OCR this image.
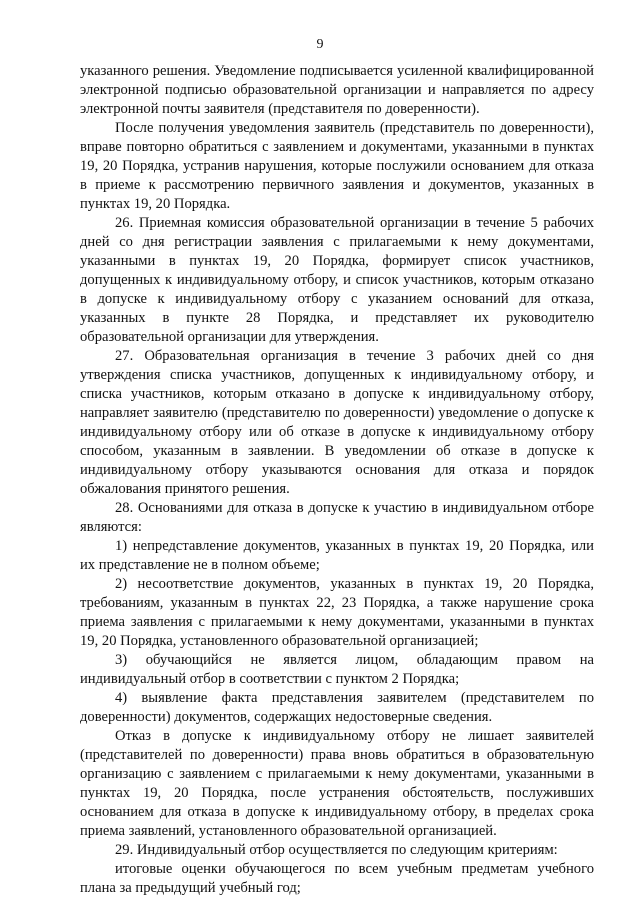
9

указанного решения. Уведомление подписывается усиленной квалифицированной электронной подписью образовательной организации и направляется по адресу электронной почты заявителя (представителя по доверенности).

После получения уведомления заявитель (представитель по доверенности), вправе повторно обратиться с заявлением и документами, указанными в пунктах 19, 20 Порядка, устранив нарушения, которые послужили основанием для отказа в приеме к рассмотрению первичного заявления и документов, указанных в пунктах 19, 20 Порядка.

26. Приемная комиссия образовательной организации в течение 5 рабочих дней со дня регистрации заявления с прилагаемыми к нему документами, указанными в пунктах 19, 20 Порядка, формирует список участников, допущенных к индивидуальному отбору, и список участников, которым отказано в допуске к индивидуальному отбору с указанием оснований для отказа, указанных в пункте 28 Порядка, и представляет их руководителю образовательной организации для утверждения.

27. Образовательная организация в течение 3 рабочих дней со дня утверждения списка участников, допущенных к индивидуальному отбору, и списка участников, которым отказано в допуске к индивидуальному отбору, направляет заявителю (представителю по доверенности) уведомление о допуске к индивидуальному отбору или об отказе в допуске к индивидуальному отбору способом, указанным в заявлении. В уведомлении об отказе в допуске к индивидуальному отбору указываются основания для отказа и порядок обжалования принятого решения.

28. Основаниями для отказа в допуске к участию в индивидуальном отборе являются:

1) непредставление документов, указанных в пунктах 19, 20 Порядка, или их представление не в полном объеме;

2) несоответствие документов, указанных в пунктах 19, 20 Порядка, требованиям, указанным в пунктах 22, 23 Порядка, а также нарушение срока приема заявления с прилагаемыми к нему документами, указанными в пунктах 19, 20 Порядка, установленного образовательной организацией;

3) обучающийся не является лицом, обладающим правом на индивидуальный отбор в соответствии с пунктом 2 Порядка;

4) выявление факта представления заявителем (представителем по доверенности) документов, содержащих недостоверные сведения.

Отказ в допуске к индивидуальному отбору не лишает заявителей (представителей по доверенности) права вновь обратиться в образовательную организацию с заявлением с прилагаемыми к нему документами, указанными в пунктах 19, 20 Порядка, после устранения обстоятельств, послуживших основанием для отказа в допуске к индивидуальному отбору, в пределах срока приема заявлений, установленного образовательной организацией.

29. Индивидуальный отбор осуществляется по следующим критериям:

итоговые оценки обучающегося по всем учебным предметам учебного плана за предыдущий учебный год;
